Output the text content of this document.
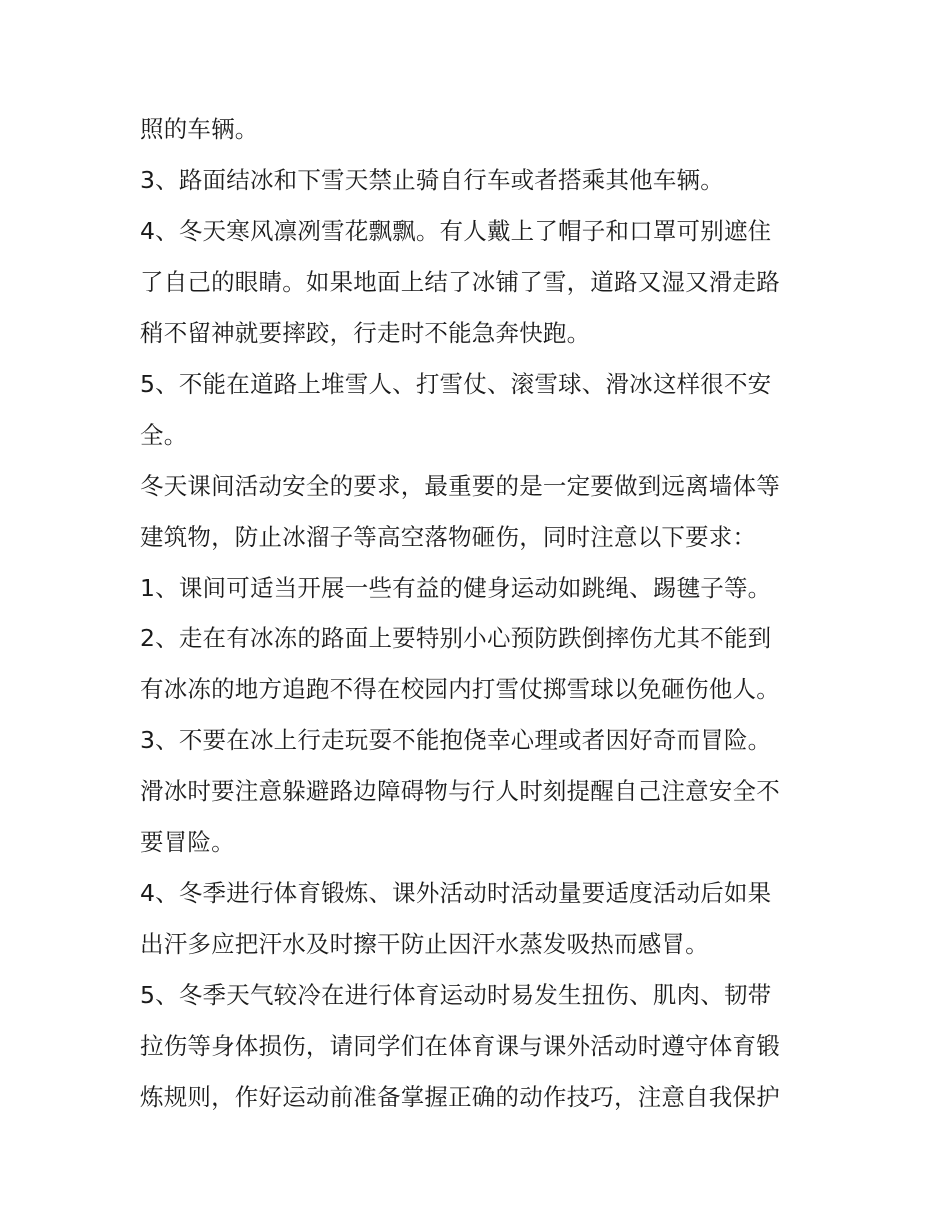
照的车辆。
3、路面结冰和下雪天禁止骑自行车或者搭乘其他车辆。
4、冬天寒风凛冽雪花飘飘。有人戴上了帽子和口罩可别遮住
了自己的眼睛。如果地面上结了冰铺了雪，道路又湿又滑走路
稍不留神就要摔跤，行走时不能急奔快跑。
5、不能在道路上堆雪人、打雪仗、滚雪球、滑冰这样很不安
全。
冬天课间活动安全的要求，最重要的是一定要做到远离墙体等
建筑物，防止冰溜子等高空落物砸伤，同时注意以下要求：
1、课间可适当开展一些有益的健身运动如跳绳、踢毽子等。
2、走在有冰冻的路面上要特别小心预防跌倒摔伤尤其不能到
有冰冻的地方追跑不得在校园内打雪仗掷雪球以免砸伤他人。
3、不要在冰上行走玩耍不能抱侥幸心理或者因好奇而冒险。
滑冰时要注意躲避路边障碍物与行人时刻提醒自己注意安全不
要冒险。
4、冬季进行体育锻炼、课外活动时活动量要适度活动后如果
出汗多应把汗水及时擦干防止因汗水蒸发吸热而感冒。
5、冬季天气较冷在进行体育运动时易发生扭伤、肌肉、韧带
拉伤等身体损伤，请同学们在体育课与课外活动时遵守体育锻
炼规则，作好运动前准备掌握正确的动作技巧，注意自我保护
